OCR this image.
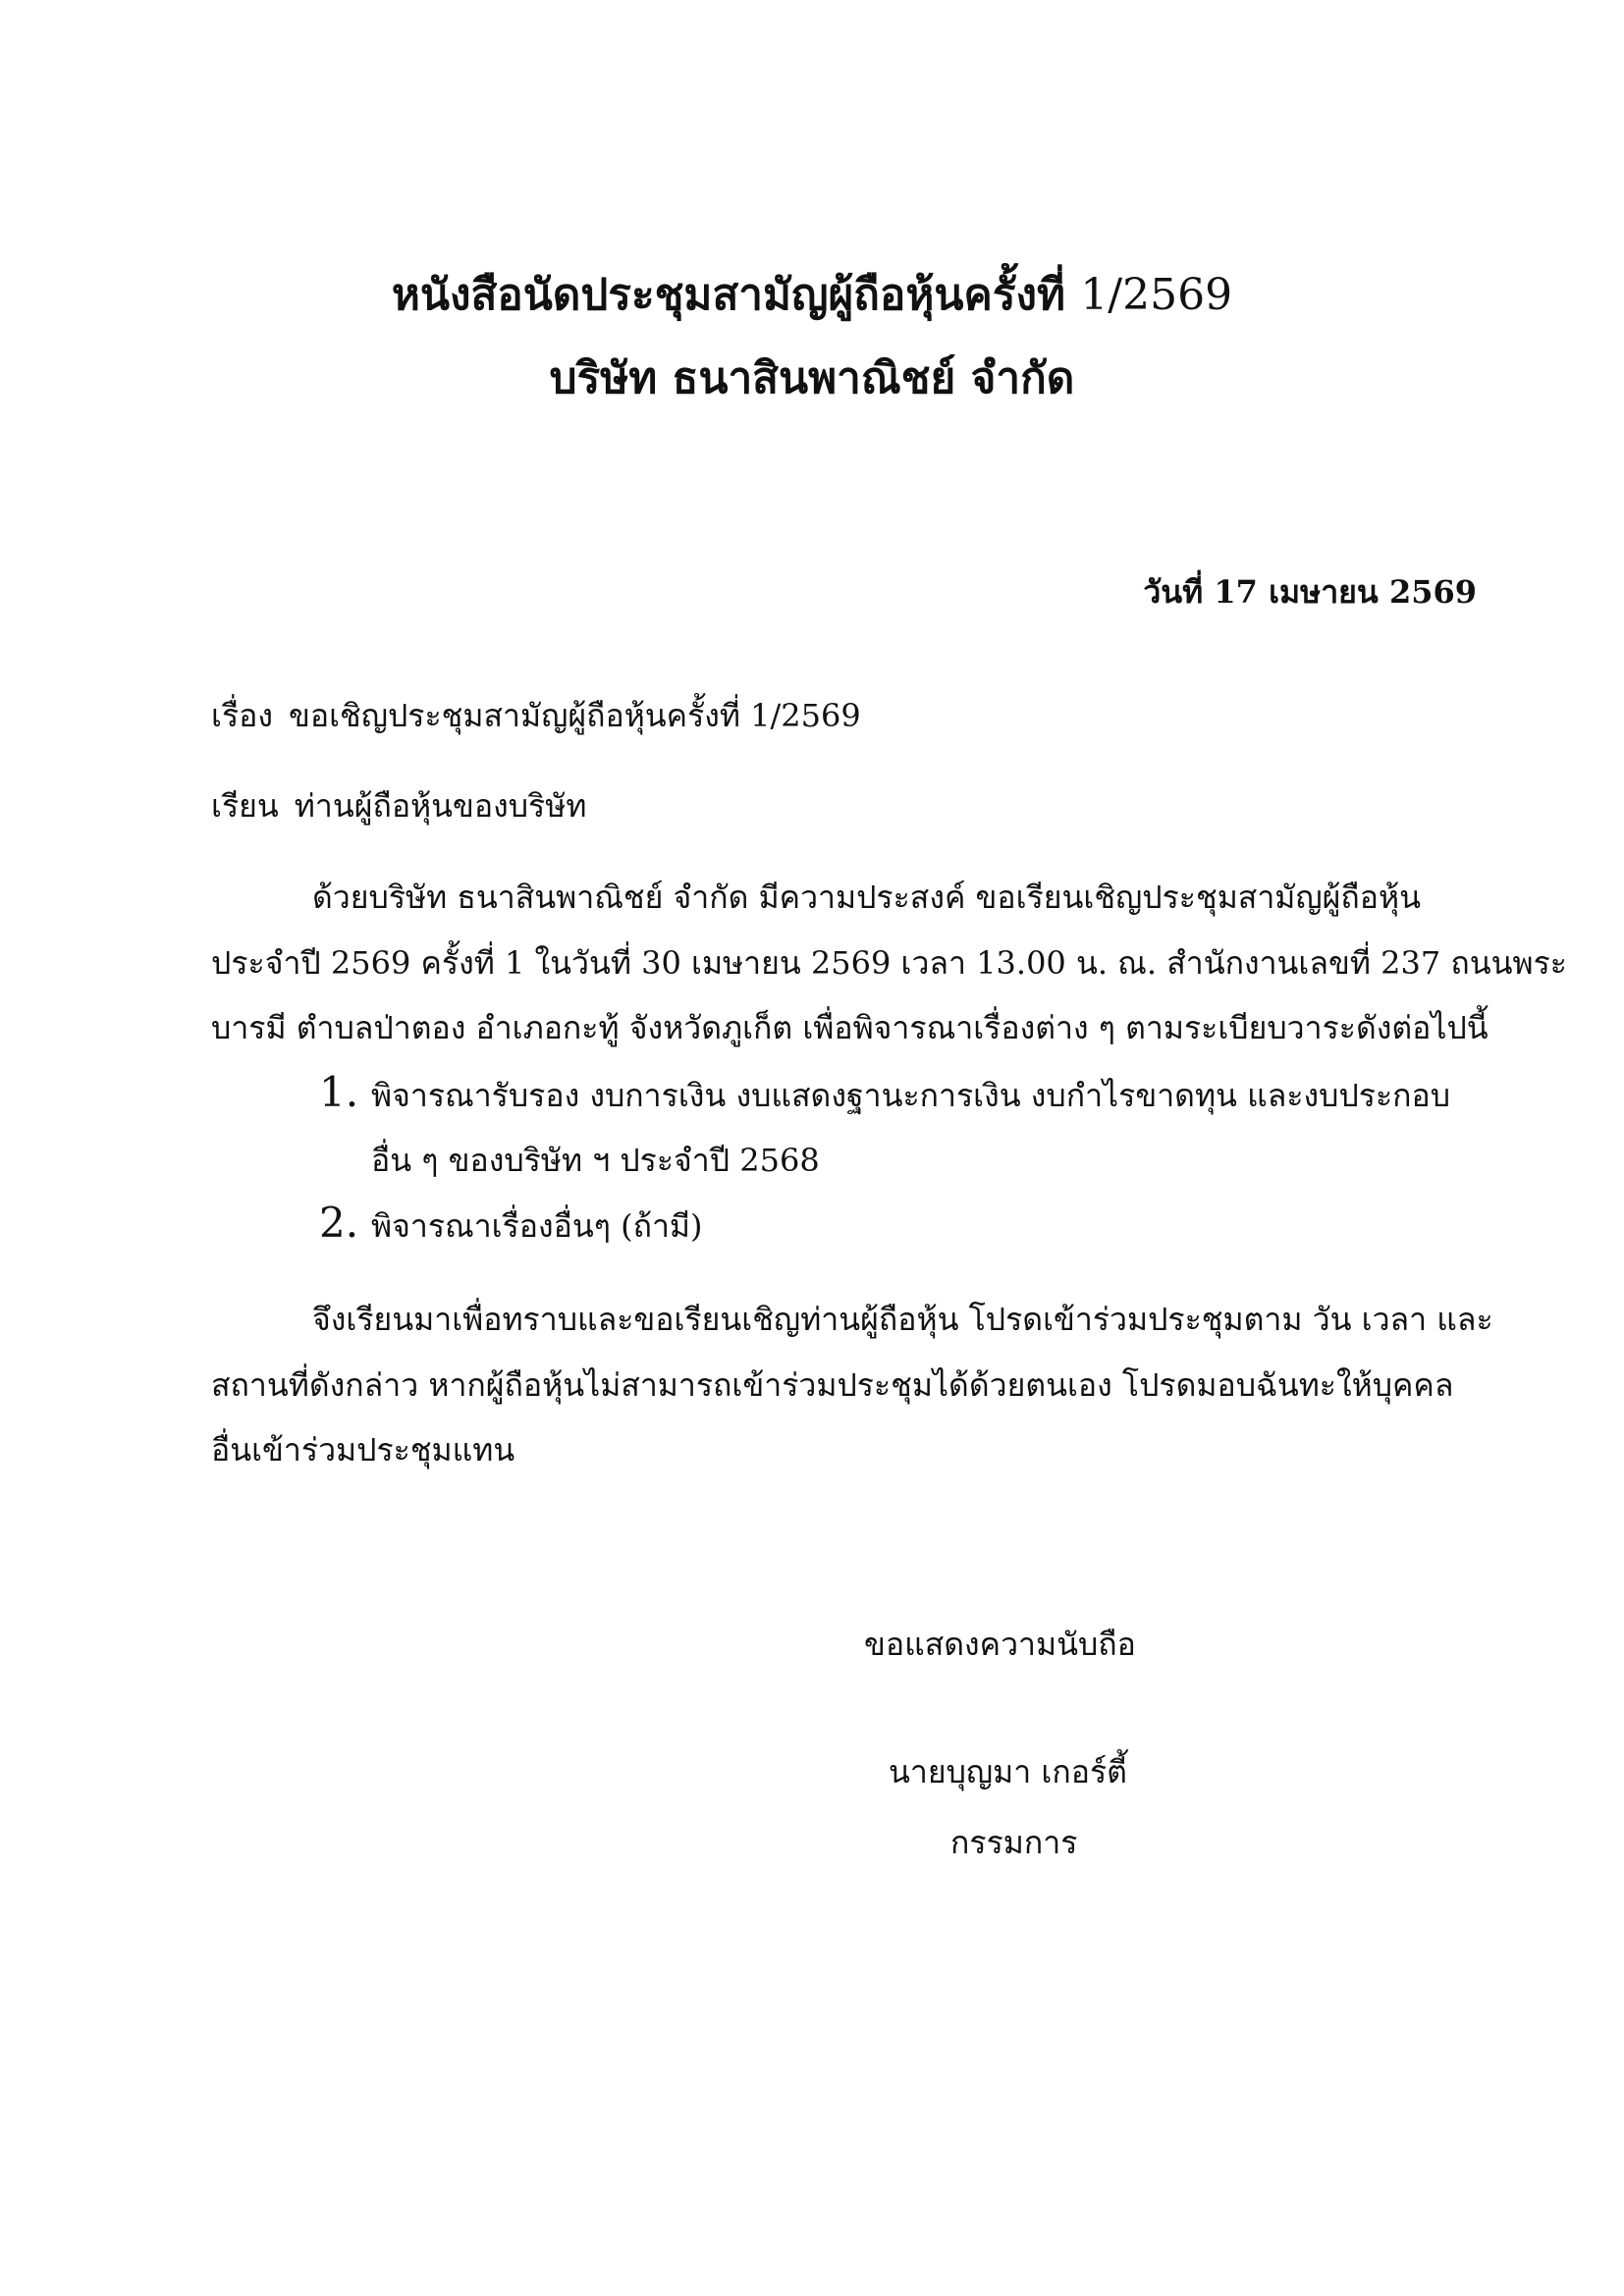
หนังสือนัดประชุมสามัญผู้ถือหุ้นครั้งที่ 1/2569
บริษัท ธนาสินพาณิชย์ จำกัด
วันที่ 17 เมษายน 2569
เรื่อง ขอเชิญประชุมสามัญผู้ถือหุ้นครั้งที่ 1/2569
เรียน ท่านผู้ถือหุ้นของบริษัท
ด้วยบริษัท ธนาสินพาณิชย์ จำกัด มีความประสงค์ ขอเรียนเชิญประชุมสามัญผู้ถือหุ้น
ประจำปี 2569 ครั้งที่ 1 ในวันที่ 30 เมษายน 2569 เวลา 13.00 น. ณ. สำนักงานเลขที่ 237 ถนนพระ
บารมี ตำบลป่าตอง อำเภอกะทู้ จังหวัดภูเก็ต เพื่อพิจารณาเรื่องต่าง ๆ ตามระเบียบวาระดังต่อไปนี้
1. พิจารณารับรอง งบการเงิน งบแสดงฐานะการเงิน งบกำไรขาดทุน และงบประกอบ
อื่น ๆ ของบริษัท ฯ ประจำปี 2568
2. พิจารณาเรื่องอื่นๆ (ถ้ามี)
จึงเรียนมาเพื่อทราบและขอเรียนเชิญท่านผู้ถือหุ้น โปรดเข้าร่วมประชุมตาม วัน เวลา และ
สถานที่ดังกล่าว หากผู้ถือหุ้นไม่สามารถเข้าร่วมประชุมได้ด้วยตนเอง โปรดมอบฉันทะให้บุคคล
อื่นเข้าร่วมประชุมแทน
ขอแสดงความนับถือ
นายบุญมา เกอร์ตี้
กรรมการ
